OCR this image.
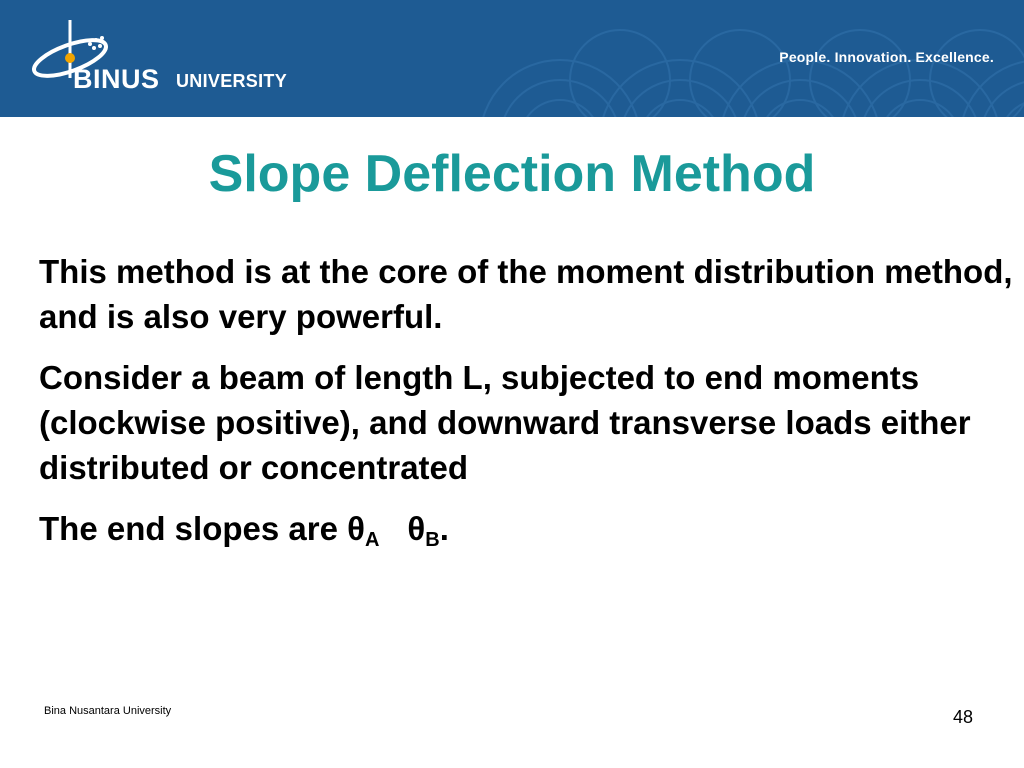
BINUS UNIVERSITY
People. Innovation. Excellence.
Slope Deflection Method

This method is at the core of the moment distribution method, and is also very powerful.

Consider a beam of length L, subjected to end moments (clockwise positive), and downward transverse loads either distributed or concentrated

The end slopes are $\theta_A$ $\theta_B$.

Bina Nusantara University	48
